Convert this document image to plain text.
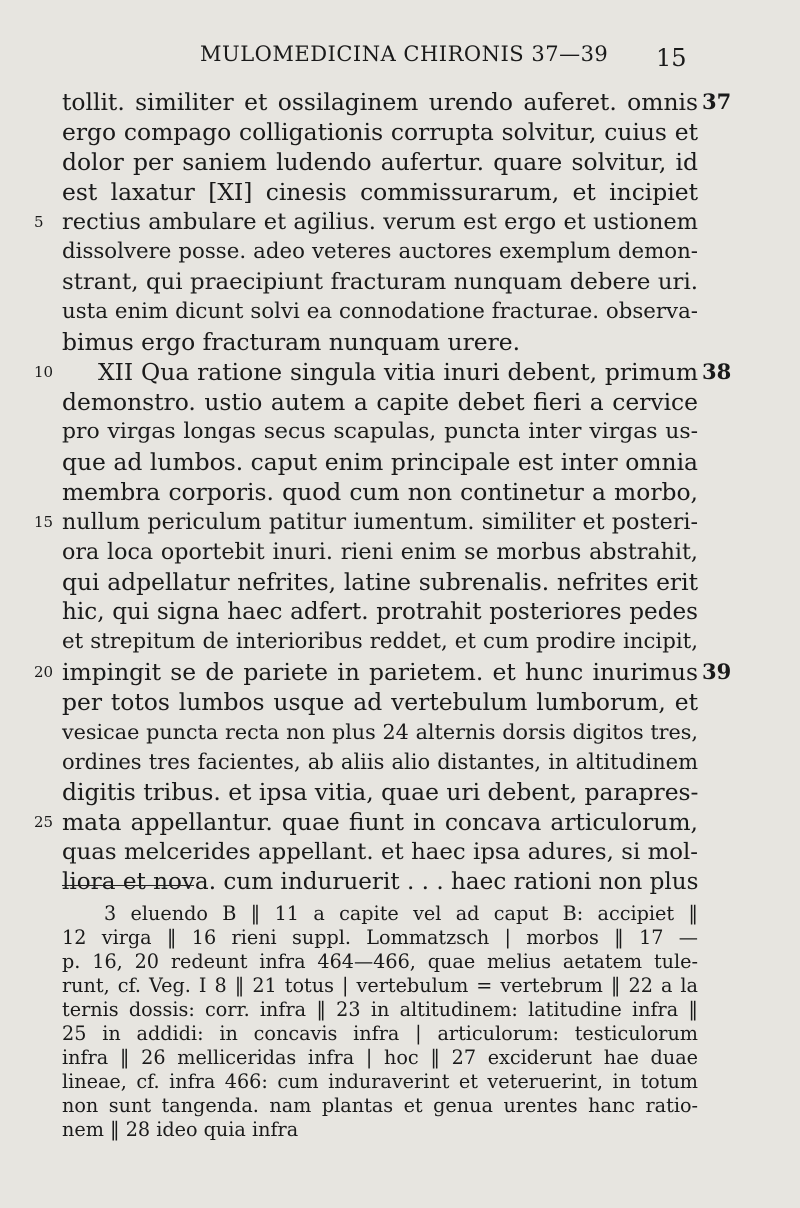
MULOMEDICINA CHIRONIS 37—39 15
tollit. similiter et ossilaginem urendo auferet. omnis
ergo compago colligationis corrupta solvitur, cuius et
dolor per saniem ludendo aufertur. quare solvitur, id
est laxatur [XI] cinesis commissurarum, et incipiet
rectius ambulare et agilius. verum est ergo et ustionem
dissolvere posse. adeo veteres auctores exemplum demon-
strant, qui praecipiunt fracturam nunquam debere uri.
usta enim dicunt solvi ea connodatione fracturae. observa-
bimus ergo fracturam nunquam urere.
XII Qua ratione singula vitia inuri debent, primum
demonstro. ustio autem a capite debet fieri a cervice
pro virgas longas secus scapulas, puncta inter virgas us-
que ad lumbos. caput enim principale est inter omnia
membra corporis. quod cum non continetur a morbo,
nullum periculum patitur iumentum. similiter et posteri-
ora loca oportebit inuri. rieni enim se morbus abstrahit,
qui adpellatur nefrites, latine subrenalis. nefrites erit
hic, qui signa haec adfert. protrahit posteriores pedes
et strepitum de interioribus reddet, et cum prodire incipit,
impingit se de pariete in parietem. et hunc inurimus
per totos lumbos usque ad vertebulum lumborum, et
vesicae puncta recta non plus 24 alternis dorsis digitos tres,
ordines tres facientes, ab aliis alio distantes, in altitudinem
digitis tribus. et ipsa vitia, quae uri debent, parapres-
mata appellantur. quae fiunt in concava articulorum,
quas melcerides appellant. et haec ipsa adures, si mol-
liora et nova. cum induruerit . . . haec rationi non plus
5
10
15
20
25
37
38
39
3 eluendo B ‖ 11 a capite vel ad caput B: accipiet ‖
12 virga ‖ 16 rieni suppl. Lommatzsch | morbos ‖ 17 —
p. 16, 20 redeunt infra 464—466, quae melius aetatem tule-
runt, cf. Veg. I 8 ‖ 21 totus | vertebulum = vertebrum ‖ 22 a la
ternis dossis: corr. infra ‖ 23 in altitudinem: latitudine infra ‖
25 in addidi: in concavis infra | articulorum: testiculorum
infra ‖ 26 melliceridas infra | hoc ‖ 27 exciderunt hae duae
lineae, cf. infra 466: cum induraverint et veteruerint, in totum
non sunt tangenda. nam plantas et genua urentes hanc ratio-
nem ‖ 28 ideo quia infra
